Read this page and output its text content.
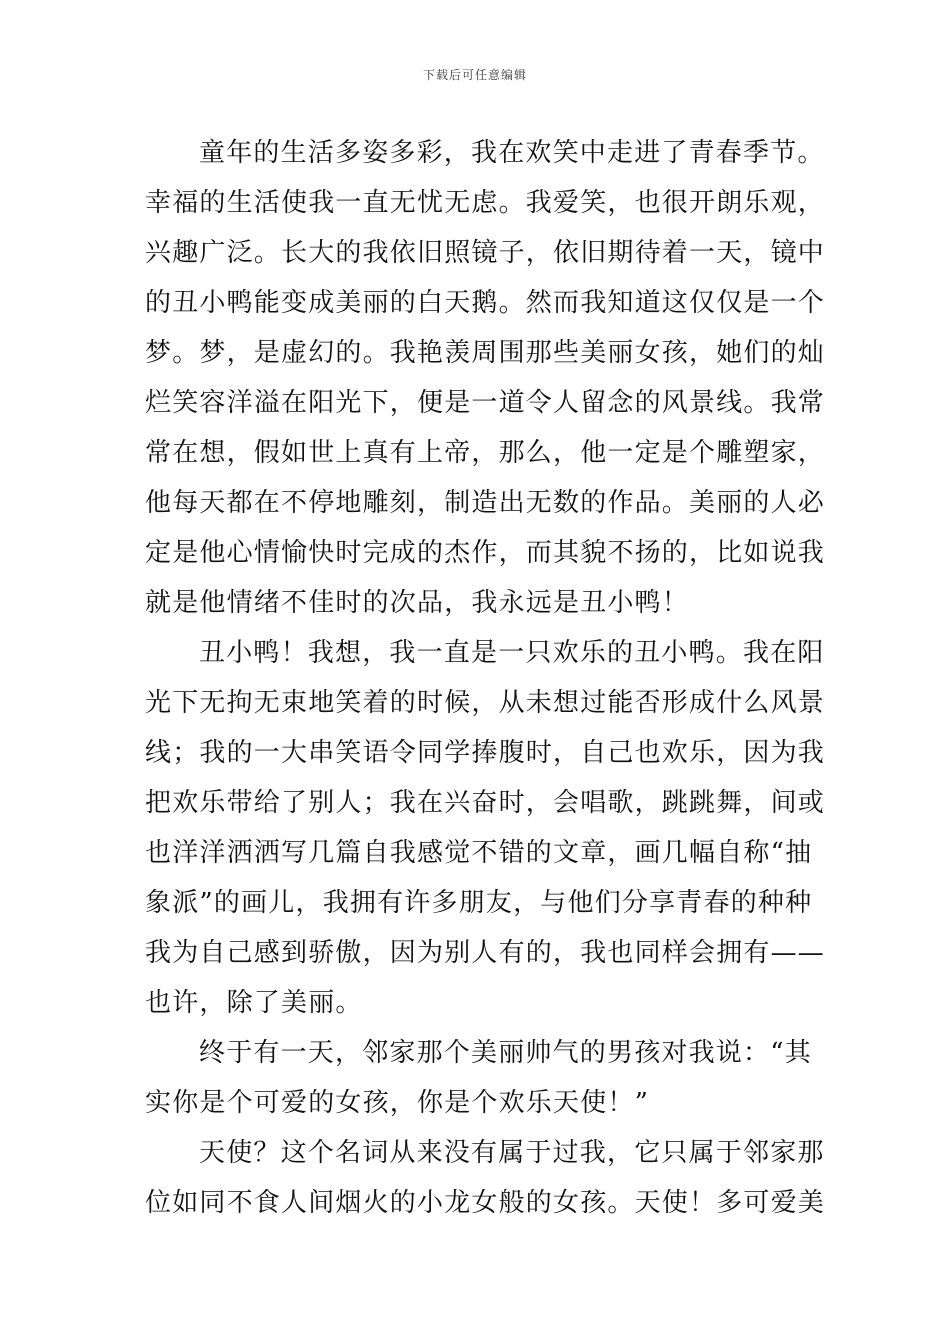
下载后可任意编辑
童年的生活多姿多彩，我在欢笑中走进了青春季节。
幸福的生活使我一直无忧无虑。我爱笑，也很开朗乐观，
兴趣广泛。长大的我依旧照镜子，依旧期待着一天，镜中
的丑小鸭能变成美丽的白天鹅。然而我知道这仅仅是一个
梦。梦，是虚幻的。我艳羡周围那些美丽女孩，她们的灿
烂笑容洋溢在阳光下，便是一道令人留念的风景线。我常
常在想，假如世上真有上帝，那么，他一定是个雕塑家，
他每天都在不停地雕刻，制造出无数的作品。美丽的人必
定是他心情愉快时完成的杰作，而其貌不扬的，比如说我
就是他情绪不佳时的次品，我永远是丑小鸭！
丑小鸭！我想，我一直是一只欢乐的丑小鸭。我在阳
光下无拘无束地笑着的时候，从未想过能否形成什么风景
线；我的一大串笑语令同学捧腹时，自己也欢乐，因为我
把欢乐带给了别人；我在兴奋时，会唱歌，跳跳舞，间或
也洋洋洒洒写几篇自我感觉不错的文章，画几幅自称“抽
象派”的画儿，我拥有许多朋友，与他们分享青春的种种
我为自己感到骄傲，因为别人有的，我也同样会拥有——
也许，除了美丽。
终于有一天，邻家那个美丽帅气的男孩对我说：“其
实你是个可爱的女孩，你是个欢乐天使！”
天使？这个名词从来没有属于过我，它只属于邻家那
位如同不食人间烟火的小龙女般的女孩。天使！多可爱美
